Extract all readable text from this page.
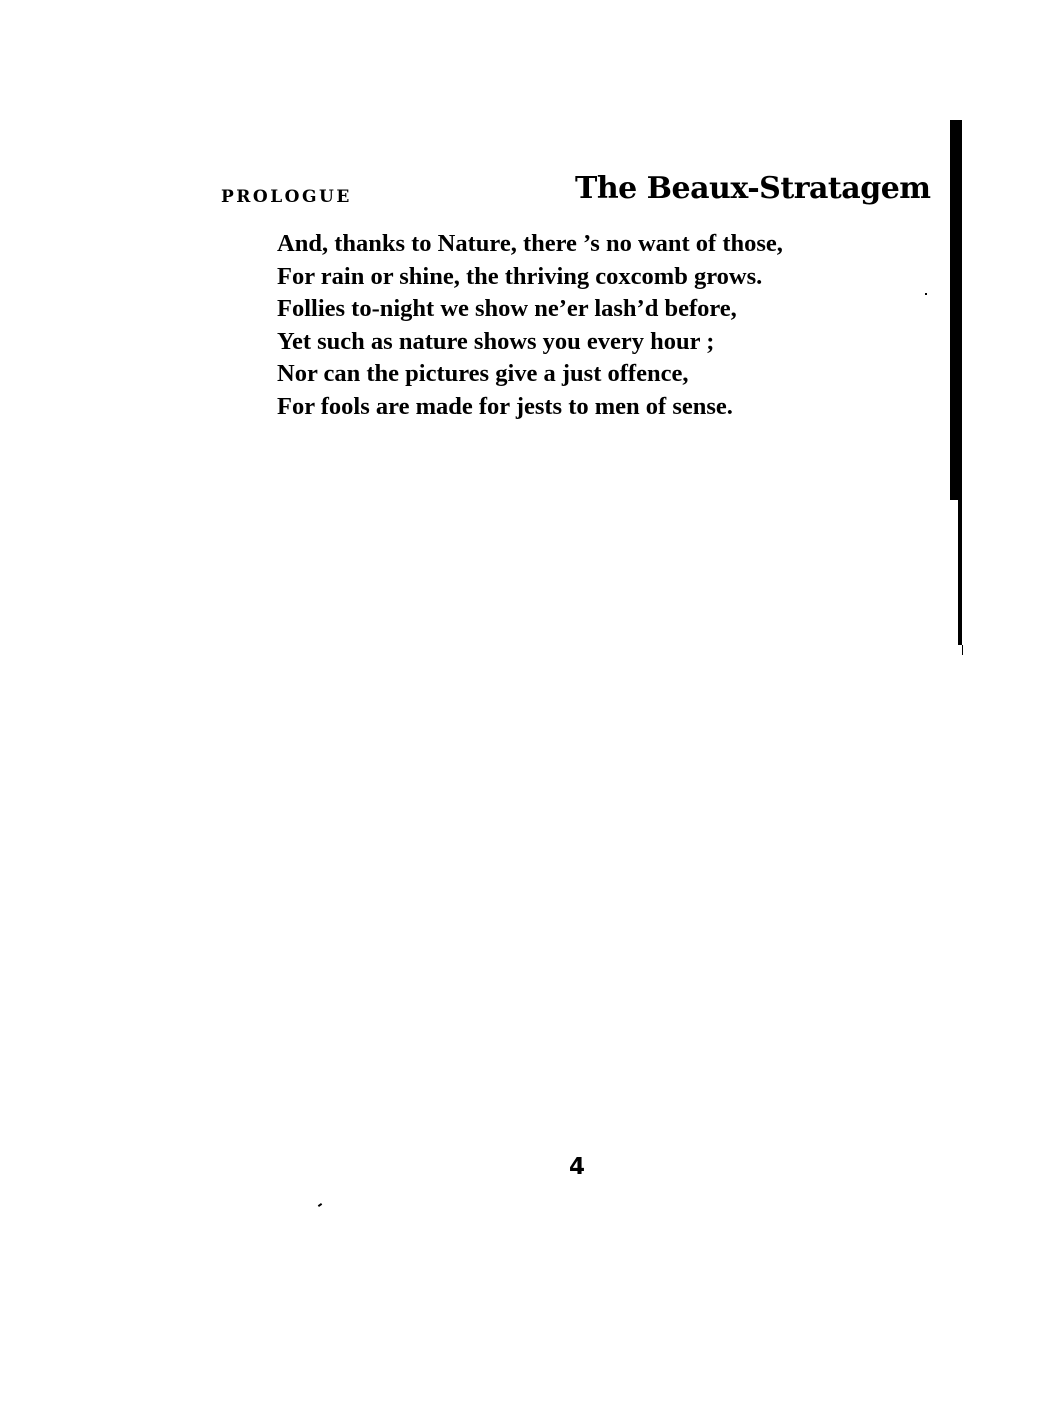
PROLOGUE	The Beaux-Stratagem
And, thanks to Nature, there ’s no want of those,
For rain or shine, the thriving coxcomb grows.
Follies to-night we show ne’er lash’d before,
Yet such as nature shows you every hour ;
Nor can the pictures give a just offence,
For fools are made for jests to men of sense.
4
